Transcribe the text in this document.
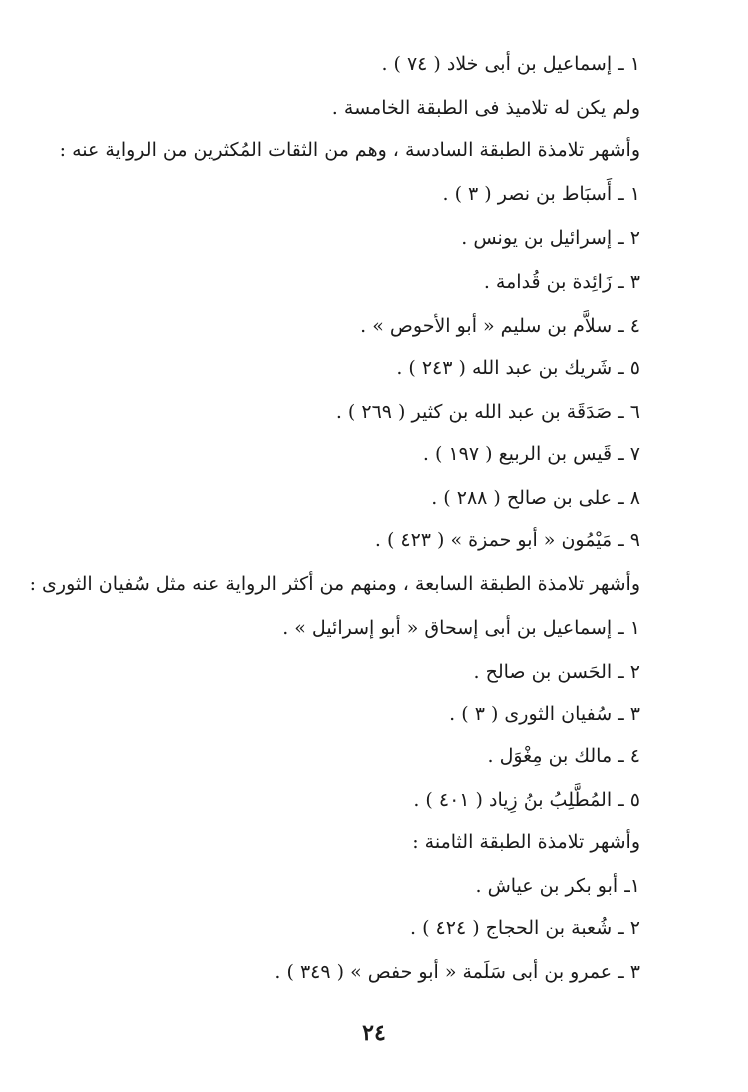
١ ـ إسماعيل بن أبى خلاد ( ٧٤ ) .
ولم يكن له تلاميذ فى الطبقة الخامسة .
وأشهر تلامذة الطبقة السادسة ، وهم من الثقات المُكثرين من الرواية عنه :
١ ـ أَسبَاط بن نصر ( ٣ ) .
٢ ـ إسرائيل بن يونس .
٣ ـ زَائِدة بن قُدامة .
٤ ـ سلاَّم بن سليم « أبو الأحوص » .
٥ ـ شَريك بن عبد الله ( ٢٤٣ ) .
٦ ـ صَدَقَة بن عبد الله بن كثير ( ٢٦٩ ) .
٧ ـ قَيس بن الربيع ( ١٩٧ ) .
٨ ـ على بن صالح ( ٢٨٨ ) .
٩ ـ مَيْمُون « أبو حمزة » ( ٤٢٣ ) .
وأشهر تلامذة الطبقة السابعة ، ومنهم من أكثر الرواية عنه مثل سُفيان الثورى :
١ ـ إسماعيل بن أبى إسحاق « أبو إسرائيل » .
٢ ـ الحَسن بن صالح .
٣ ـ سُفيان الثورى ( ٣ ) .
٤ ـ مالك بن مِغْوَل .
٥ ـ المُطَّلِبُ بنُ زِياد ( ٤٠١ ) .
وأشهر تلامذة الطبقة الثامنة :
١ـ أبو بكر بن عياش .
٢ ـ شُعبة بن الحجاج ( ٤٢٤ ) .
٣ ـ عمرو بن أبى سَلَمة « أبو حفص » ( ٣٤٩ ) .
٢٤
